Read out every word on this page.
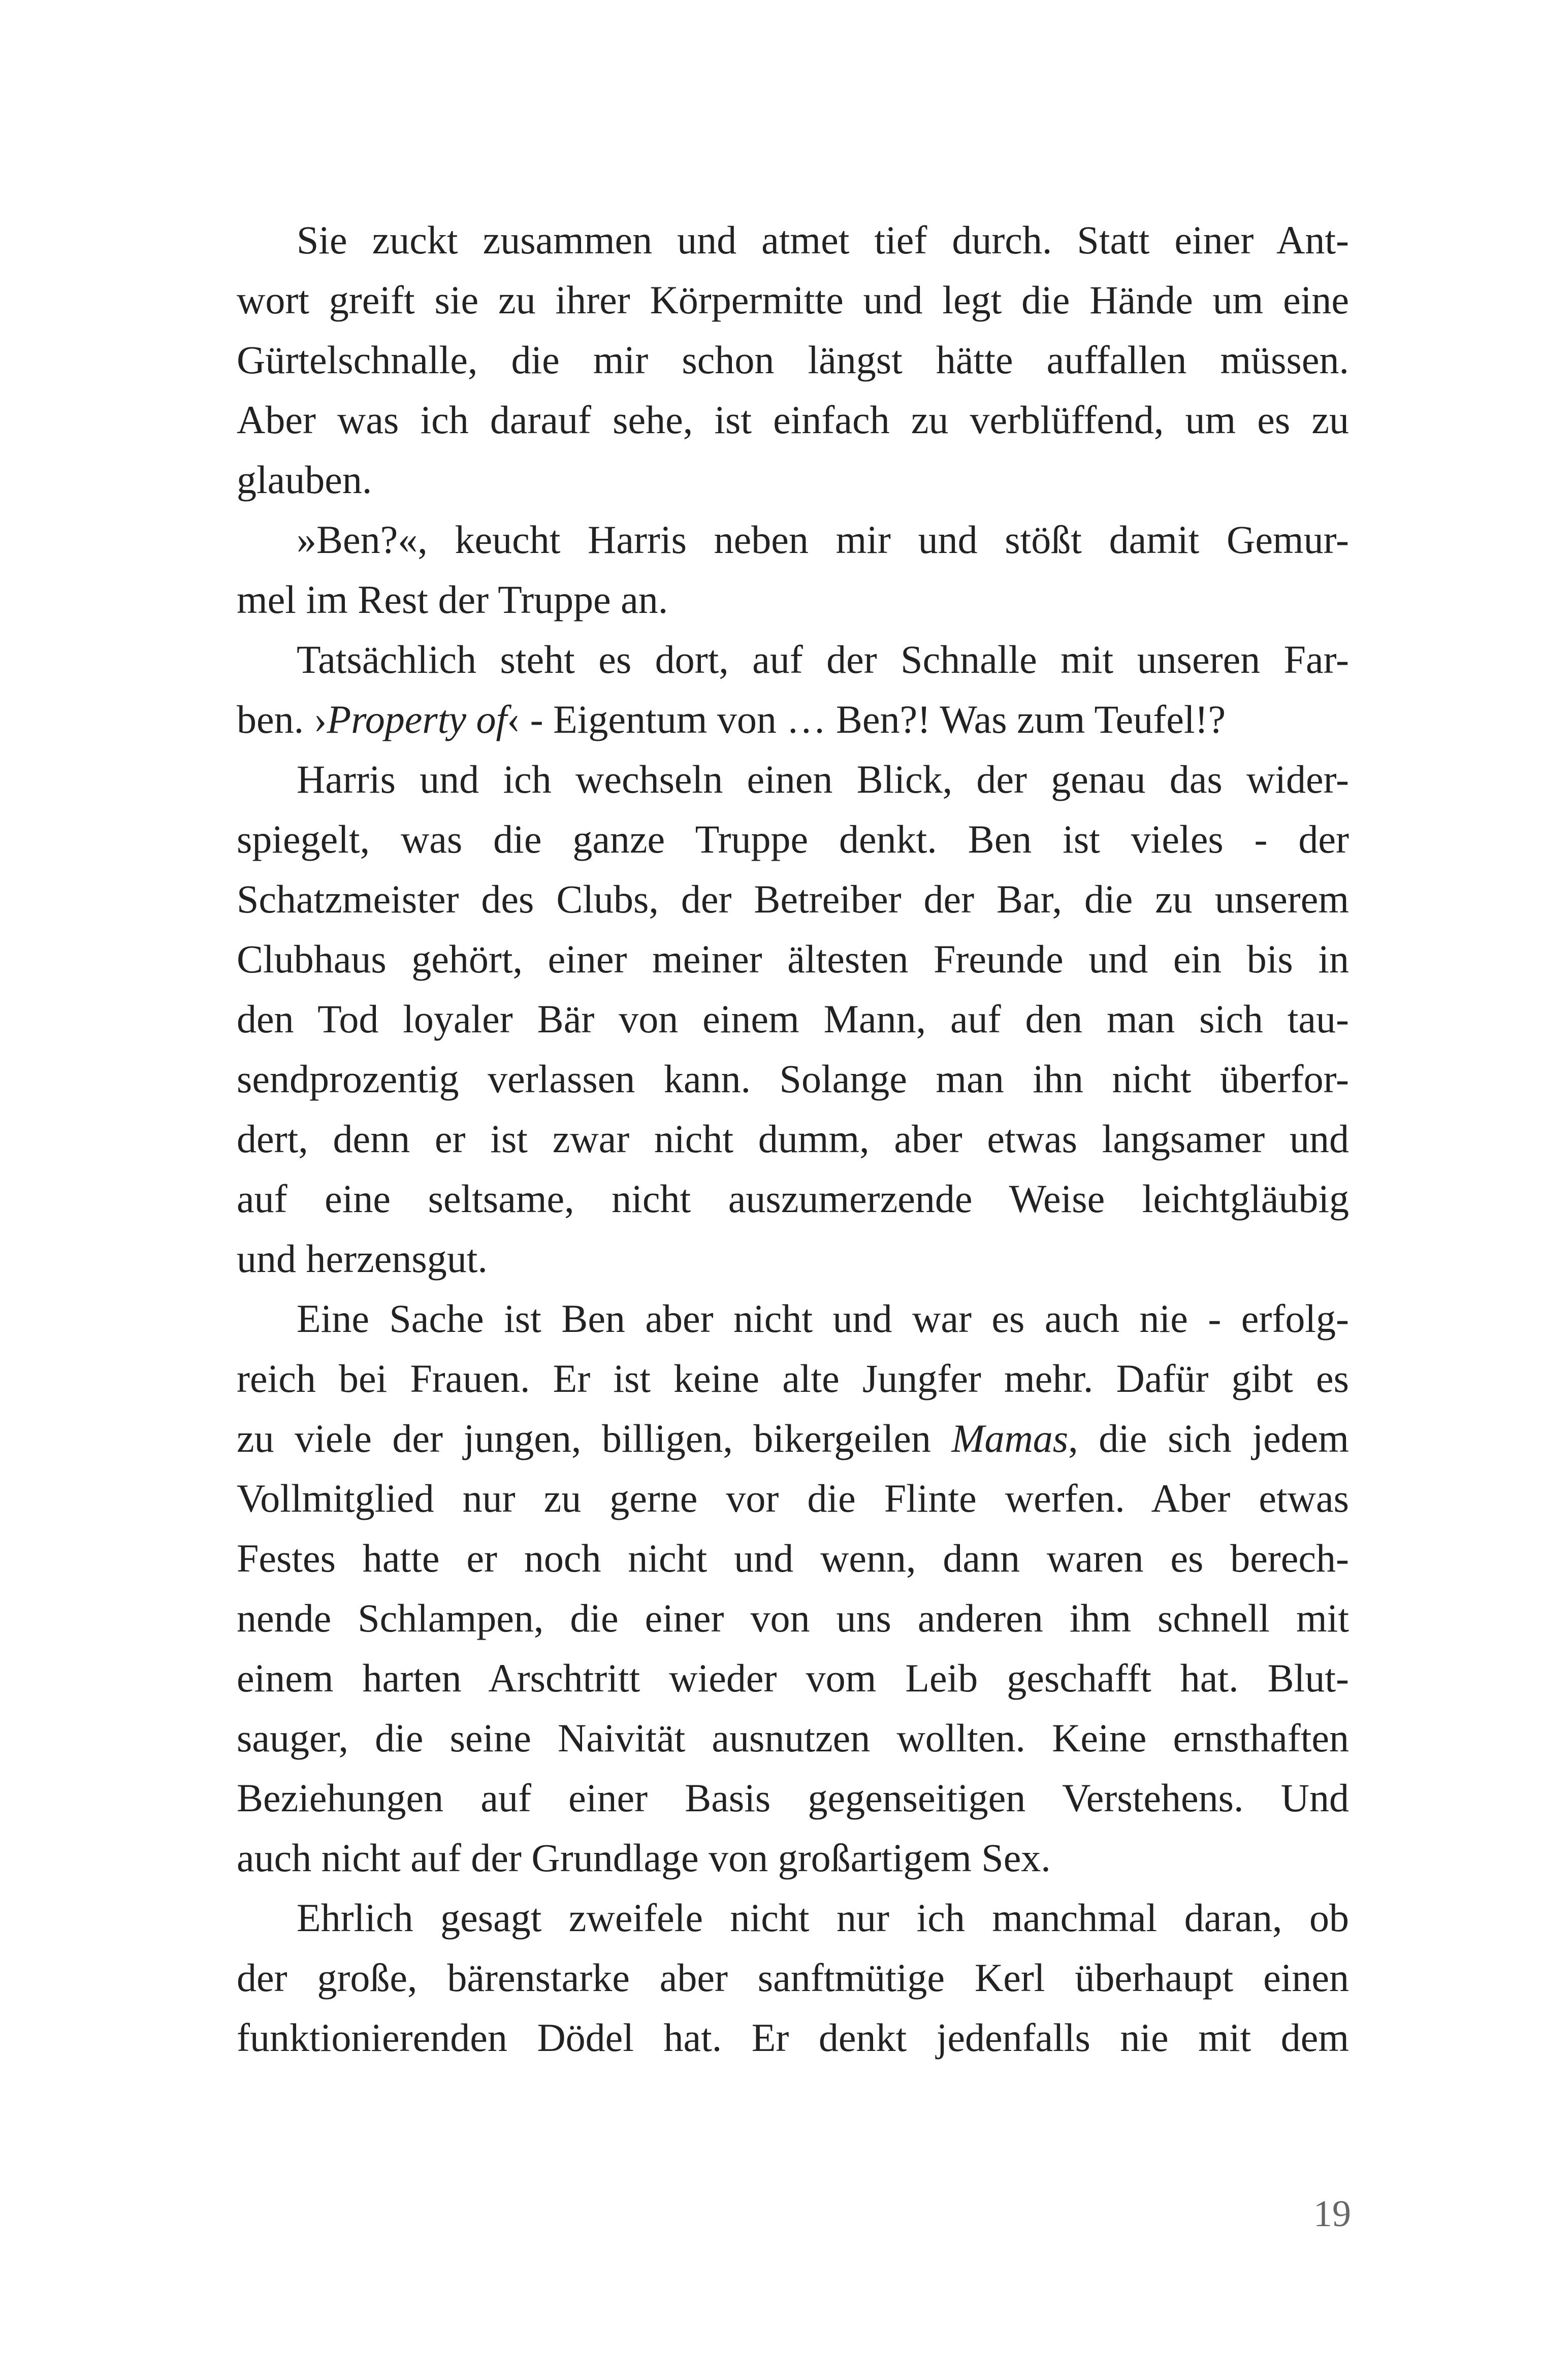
Sie zuckt zusammen und atmet tief durch. Statt einer Ant-
wort greift sie zu ihrer Körpermitte und legt die Hände um eine
Gürtelschnalle, die mir schon längst hätte auffallen müssen.
Aber was ich darauf sehe, ist einfach zu verblüffend, um es zu
glauben.
»Ben?«, keucht Harris neben mir und stößt damit Gemur-
mel im Rest der Truppe an.
Tatsächlich steht es dort, auf der Schnalle mit unseren Far-
ben. ›Property of‹ - Eigentum von … Ben?! Was zum Teufel!?
Harris und ich wechseln einen Blick, der genau das wider-
spiegelt, was die ganze Truppe denkt. Ben ist vieles - der
Schatzmeister des Clubs, der Betreiber der Bar, die zu unserem
Clubhaus gehört, einer meiner ältesten Freunde und ein bis in
den Tod loyaler Bär von einem Mann, auf den man sich tau-
sendprozentig verlassen kann. Solange man ihn nicht überfor-
dert, denn er ist zwar nicht dumm, aber etwas langsamer und
auf eine seltsame, nicht auszumerzende Weise leichtgläubig
und herzensgut.
Eine Sache ist Ben aber nicht und war es auch nie - erfolg-
reich bei Frauen. Er ist keine alte Jungfer mehr. Dafür gibt es
zu viele der jungen, billigen, bikergeilen Mamas, die sich jedem
Vollmitglied nur zu gerne vor die Flinte werfen. Aber etwas
Festes hatte er noch nicht und wenn, dann waren es berech-
nende Schlampen, die einer von uns anderen ihm schnell mit
einem harten Arschtritt wieder vom Leib geschafft hat. Blut-
sauger, die seine Naivität ausnutzen wollten. Keine ernsthaften
Beziehungen auf einer Basis gegenseitigen Verstehens. Und
auch nicht auf der Grundlage von großartigem Sex.
Ehrlich gesagt zweifele nicht nur ich manchmal daran, ob
der große, bärenstarke aber sanftmütige Kerl überhaupt einen
funktionierenden Dödel hat. Er denkt jedenfalls nie mit dem
19
